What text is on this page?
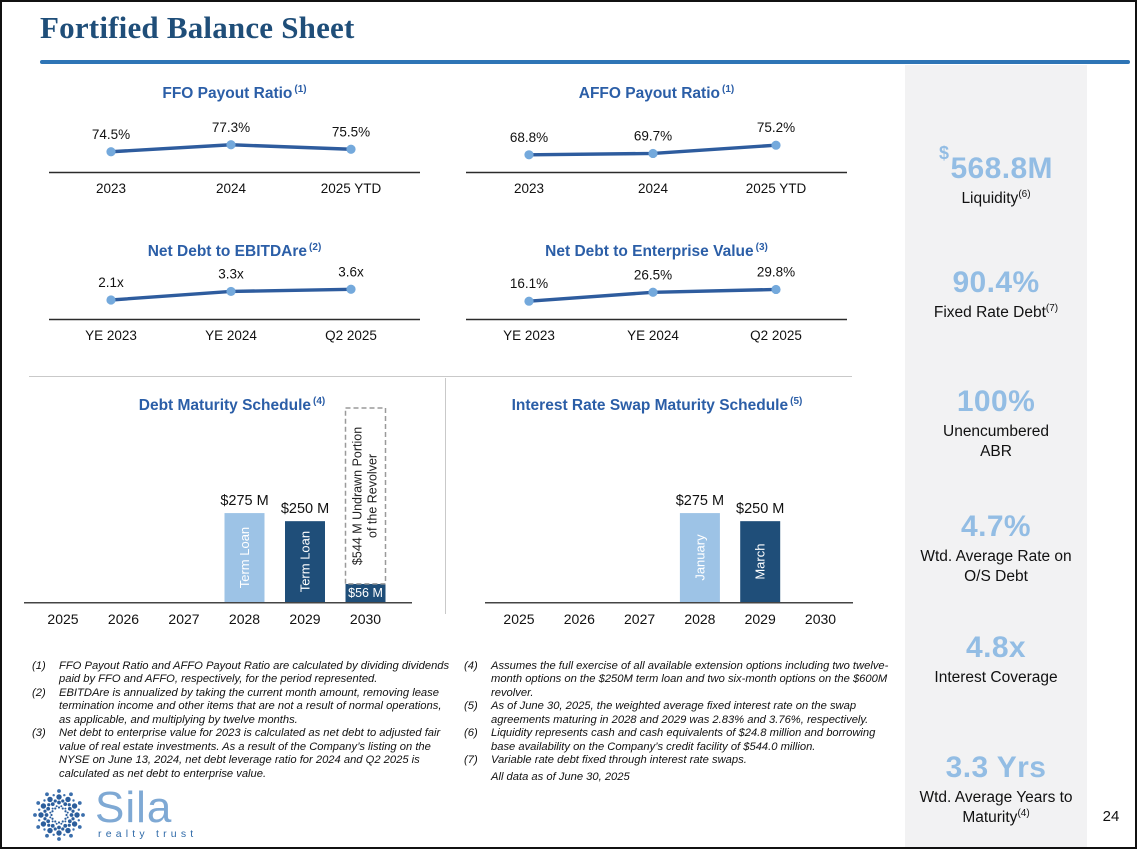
Fortified Balance Sheet
FFO Payout Ratio $^{(1)}$	AFFO Payout Ratio $^{(1)}$
Net Debt to EBITDAre $^{(2)}$	Net Debt to Enterprise Value $^{(3)}$
Debt Maturity Schedule $^{(4)}$	Interest Rate Swap Maturity Schedule $^{(5)}$
74.5%
2023
77.3%
2024
75.5%
2025 YTD
68.8%
2023
69.7%
2024
75.2%
2025 YTD
2.1x
YE 2023
3.3x
YE 2024
3.6x
Q2 2025
16.1%
YE 2023
26.5%
YE 2024
29.8%
Q2 2025
2025 2026 2027 2028 2029 2030
Term Loan
$275 M
Term Loan
$250 M
$56 M
$544 M Undrawn Portionof the Revolver
2025 2026 2027 2028 2029 2030
January
$275 M
March
$250 M
$568.8M
Liquidity$^{(6)}$
90.4%
Fixed Rate Debt$^{(7)}$
100%
Unencumbered ABR
4.7%
Wtd. Average Rate on O/S Debt
4.8x
Interest Coverage
3.3 Yrs
Wtd. Average Years to Maturity$^{(4)}$
(1)	FFO Payout Ratio and AFFO Payout Ratio are calculated by dividing dividends paid by FFO and AFFO, respectively, for the period represented.
(2)	EBITDAre is annualized by taking the current month amount, removing lease termination income and other items that are not a result of normal operations, as applicable, and multiplying by twelve months.
(3)	Net debt to enterprise value for 2023 is calculated as net debt to adjusted fair value of real estate investments. As a result of the Company’s listing on the NYSE on June 13, 2024, net debt leverage ratio for 2024 and Q2 2025 is calculated as net debt to enterprise value.
(4)	Assumes the full exercise of all available extension options including two twelve-month options on the $250M term loan and two six-month options on the $600M revolver.
(5)	As of June 30, 2025, the weighted average fixed interest rate on the swap agreements maturing in 2028 and 2029 was 2.83% and 3.76%, respectively.
(6)	Liquidity represents cash and cash equivalents of $24.8 million and borrowing base availability on the Company’s credit facility of $544.0 million.
(7)	Variable rate debt fixed through interest rate swaps.
All data as of June 30, 2025
Sila
realty trust
24
